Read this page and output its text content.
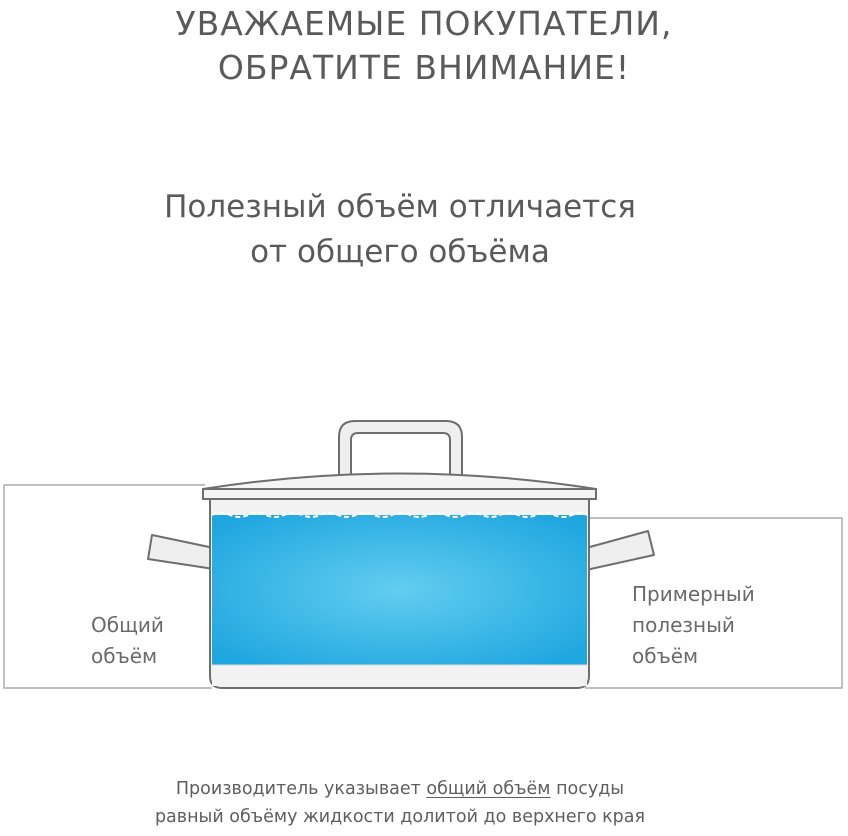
УВАЖАЕМЫЕ ПОКУПАТЕЛИ,
ОБРАТИТЕ ВНИМАНИЕ!
Полезный объём отличается
от общего объёма
Общий
объём
Примерный
полезный
объём
Производитель указывает общий объём посуды
равный объёму жидкости долитой до верхнего края
